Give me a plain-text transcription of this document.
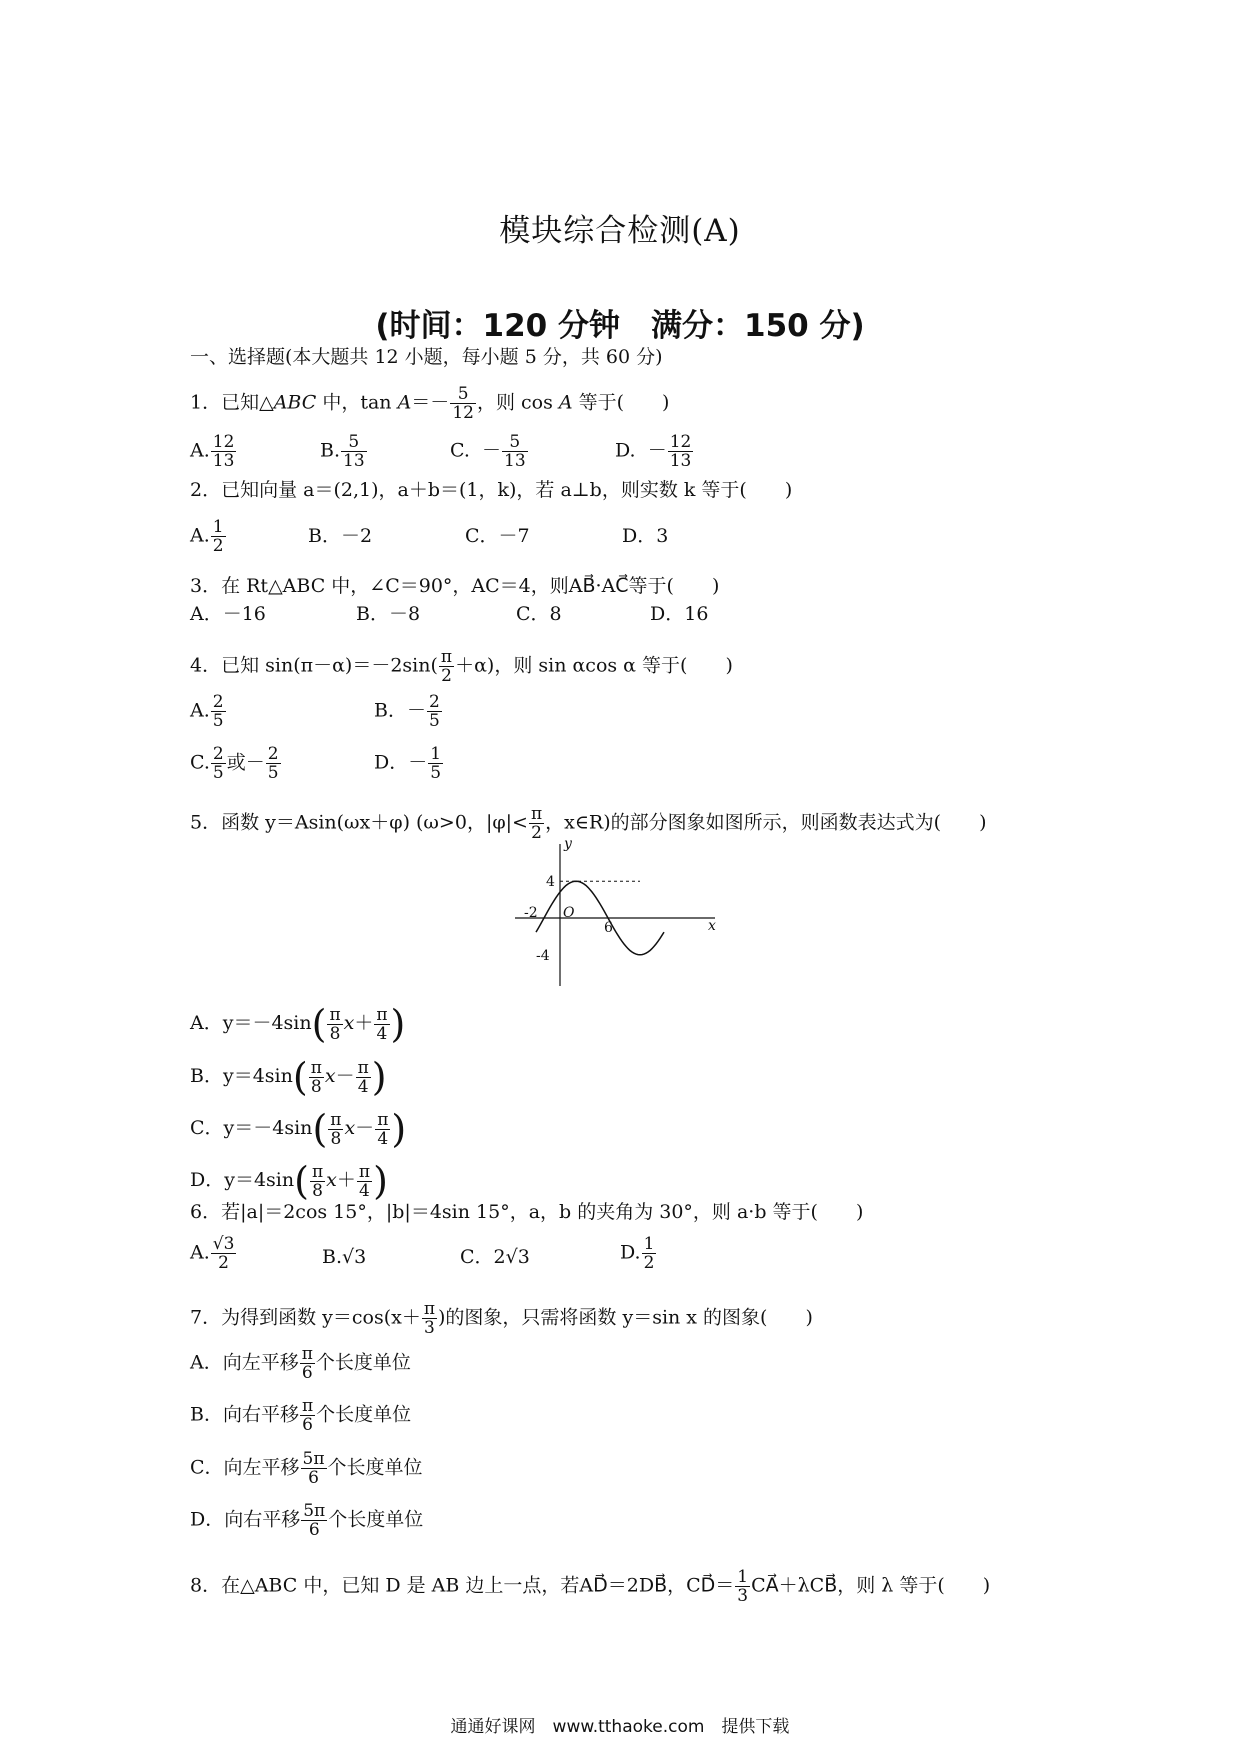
模块综合检测(A)
(时间：120 分钟　满分：150 分)
一、选择题(本大题共 12 小题，每小题 5 分，共 60 分)
1．已知△ABC 中，$\tan A=- \frac{5}{12}$ ，则 cos A 等于(　　)
A. $\frac{12}{13}$	B. $\frac{5}{13}$	C. － $\frac{5}{13}$	D. － $\frac{12}{13}$
2．已知向量 a＝(2,1)，a＋b＝(1，k)，若 a⊥b，则实数 k 等于(　　)
A. $\frac{1}{2}$	B．－2	C．－7	D．3
3．在 Rt△ABC 中，∠C＝90°，AC＝4，则AB⃗·AC⃗等于(　　)
A．－16	B．－8	C．8	D．16
4．已知 $\sin(\pi-\alpha)=-2\sin( \frac{\pi}{2} +\alpha)$，则 sin αcos α 等于(　　)
A. $\frac{2}{5}$	B．－ $\frac{2}{5}$
C. $\frac{2}{5}$ 或－ $\frac{2}{5}$	D．－ $\frac{1}{5}$
5．函数 y＝Asin(ωx＋φ) (ω>0，$|\varphi|< \frac{\pi}{2}$ ，x∈R)的部分图象如图所示，则函数表达式为(　　)
y
x
O
4
-4
-2
6
A．$y=-4\sin( \frac{\pi}{8} x+ \frac{\pi}{4}$ )
B．$y=4\sin( \frac{\pi}{8} x- \frac{\pi}{4}$ )
C．$y=-4\sin( \frac{\pi}{8} x- \frac{\pi}{4}$ )
D．$y=4\sin( \frac{\pi}{8} x+ \frac{\pi}{4}$ )
6．若|a|＝2cos 15°，|b|＝4sin 15°，a，b 的夹角为 30°，则 a·b 等于(　　)
A. $\frac{√3}{2}$	B.√3	C．2√3	D. $\frac{1}{2}$
7．为得到函数 $y=\cos(x+ \frac{\pi}{3}$ )的图象，只需将函数 y＝sin x 的图象(　　)
A．向左平移 $\frac{\pi}{6}$ 个长度单位
B．向右平移 $\frac{\pi}{6}$ 个长度单位
C．向左平移 $\frac{5\pi}{6}$ 个长度单位
D．向右平移 $\frac{5\pi}{6}$ 个长度单位
8．在△ABC 中，已知 D 是 AB 边上一点，若AD⃗＝2DB⃗，CD⃗＝ $\frac{1}{3}$ CA⃗＋λCB⃗，则 λ 等于(　　)
通通好课网　www.tthaoke.com　提供下载
